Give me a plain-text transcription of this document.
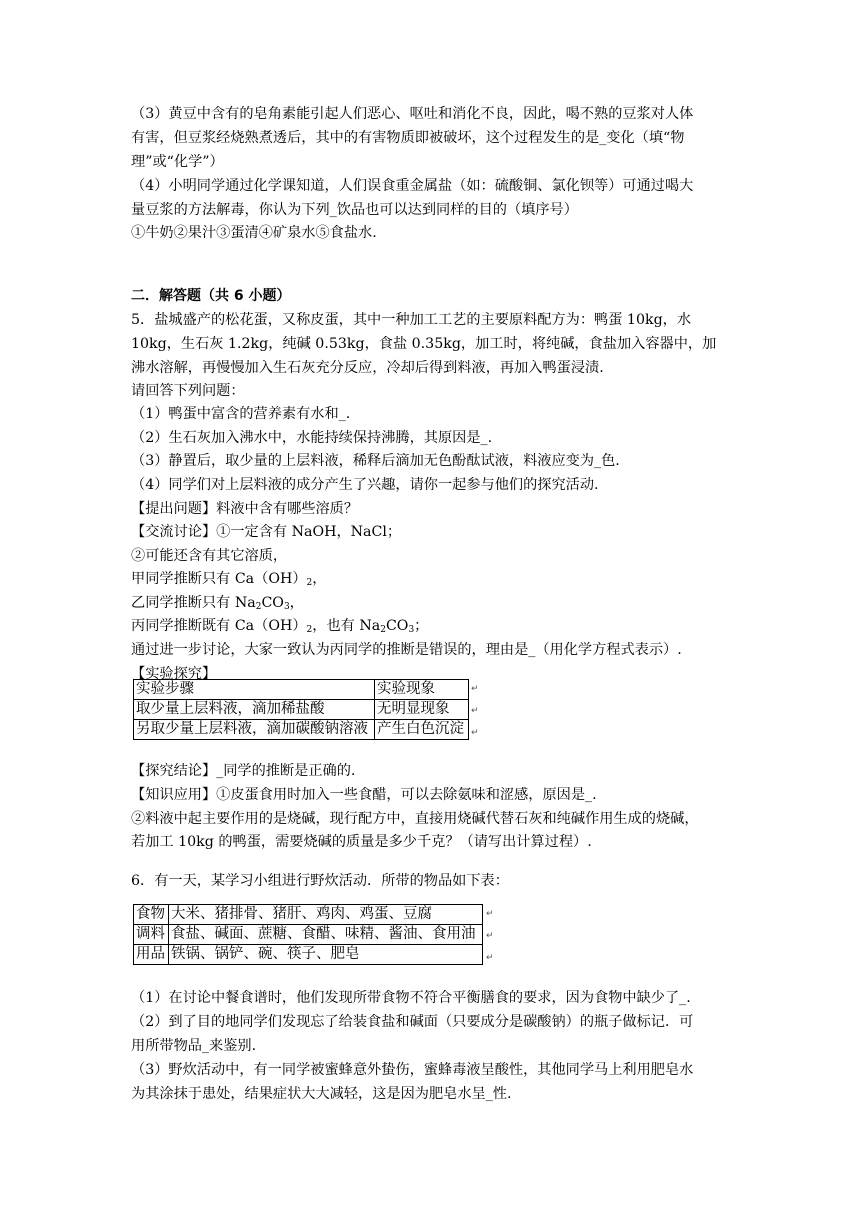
（3）黄豆中含有的皂角素能引起人们恶心、呕吐和消化不良，因此，喝不熟的豆浆对人体
有害，但豆浆经烧熟煮透后，其中的有害物质即被破坏，这个过程发生的是_变化（填“物
理”或“化学”）
（4）小明同学通过化学课知道，人们误食重金属盐（如：硫酸铜、氯化钡等）可通过喝大
量豆浆的方法解毒，你认为下列_饮品也可以达到同样的目的（填序号）
①牛奶②果汁③蛋清④矿泉水⑤食盐水.
二．解答题（共 6 小题）
5．盐城盛产的松花蛋，又称皮蛋，其中一种加工工艺的主要原料配方为：鸭蛋 10kg，水
10kg，生石灰 1.2kg，纯碱 0.53kg，食盐 0.35kg，加工时，将纯碱，食盐加入容器中，加
沸水溶解，再慢慢加入生石灰充分反应，冷却后得到料液，再加入鸭蛋浸渍.
请回答下列问题：
（1）鸭蛋中富含的营养素有水和_.
（2）生石灰加入沸水中，水能持续保持沸腾，其原因是_.
（3）静置后，取少量的上层料液，稀释后滴加无色酚酞试液，料液应变为_色.
（4）同学们对上层料液的成分产生了兴趣，请你一起参与他们的探究活动.
【提出问题】料液中含有哪些溶质？
【交流讨论】①一定含有 NaOH，NaCl；
②可能还含有其它溶质，
甲同学推断只有 $Ca(OH)_2$，
乙同学推断只有 $Na_2CO_3$，
丙同学推断既有 $Ca(OH)_2$，也有 $Na_2CO_3$；
通过进一步讨论，大家一致认为丙同学的推断是错误的，理由是_（用化学方程式表示）.
【实验探究】
实验步骤	实验现象
取少量上层料液，滴加稀盐酸	无明显现象
另取少量上层料液，滴加碳酸钠溶液	产生白色沉淀
↵
↵
↵
【探究结论】_同学的推断是正确的.
【知识应用】①皮蛋食用时加入一些食醋，可以去除氨味和涩感，原因是_.
②料液中起主要作用的是烧碱，现行配方中，直接用烧碱代替石灰和纯碱作用生成的烧碱，
若加工 10kg 的鸭蛋，需要烧碱的质量是多少千克？（请写出计算过程）.
6．有一天，某学习小组进行野炊活动．所带的物品如下表：
食物	大米、猪排骨、猪肝、鸡肉、鸡蛋、豆腐
调料	食盐、碱面、蔗糖、食醋、味精、酱油、食用油
用品	铁锅、锅铲、碗、筷子、肥皂
↵
↵
↵
（1）在讨论中餐食谱时，他们发现所带食物不符合平衡膳食的要求，因为食物中缺少了_.
（2）到了目的地同学们发现忘了给装食盐和碱面（只要成分是碳酸钠）的瓶子做标记．可
用所带物品_来鉴别.
（3）野炊活动中，有一同学被蜜蜂意外蛰伤，蜜蜂毒液呈酸性，其他同学马上利用肥皂水
为其涂抹于患处，结果症状大大减轻，这是因为肥皂水呈_性.
